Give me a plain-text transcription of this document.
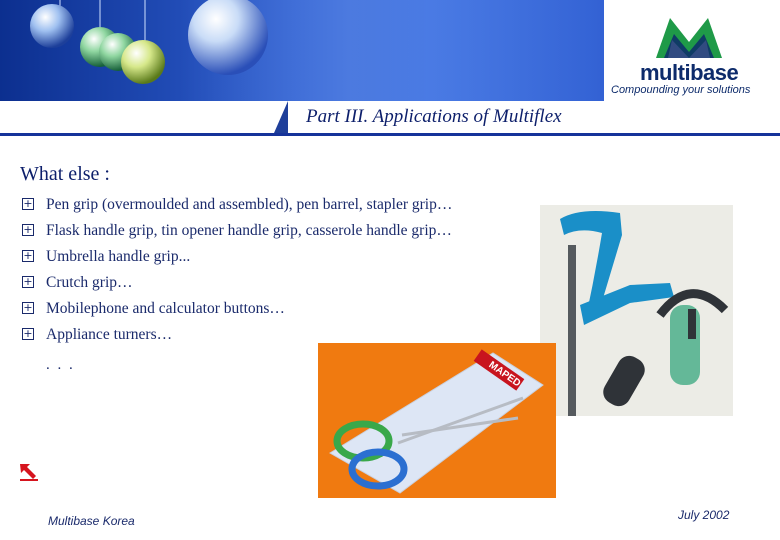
multibase
Compounding your solutions
Part III. Applications of Multiflex
What else :
+ Pen grip (overmoulded and assembled), pen barrel, stapler grip…
+ Flask handle grip, tin opener handle grip, casserole handle grip…
+ Umbrella handle grip...
+ Crutch grip…
+ Mobilephone and calculator buttons…
+ Appliance turners…
. . .	MAPED
Multibase Korea	July 2002
